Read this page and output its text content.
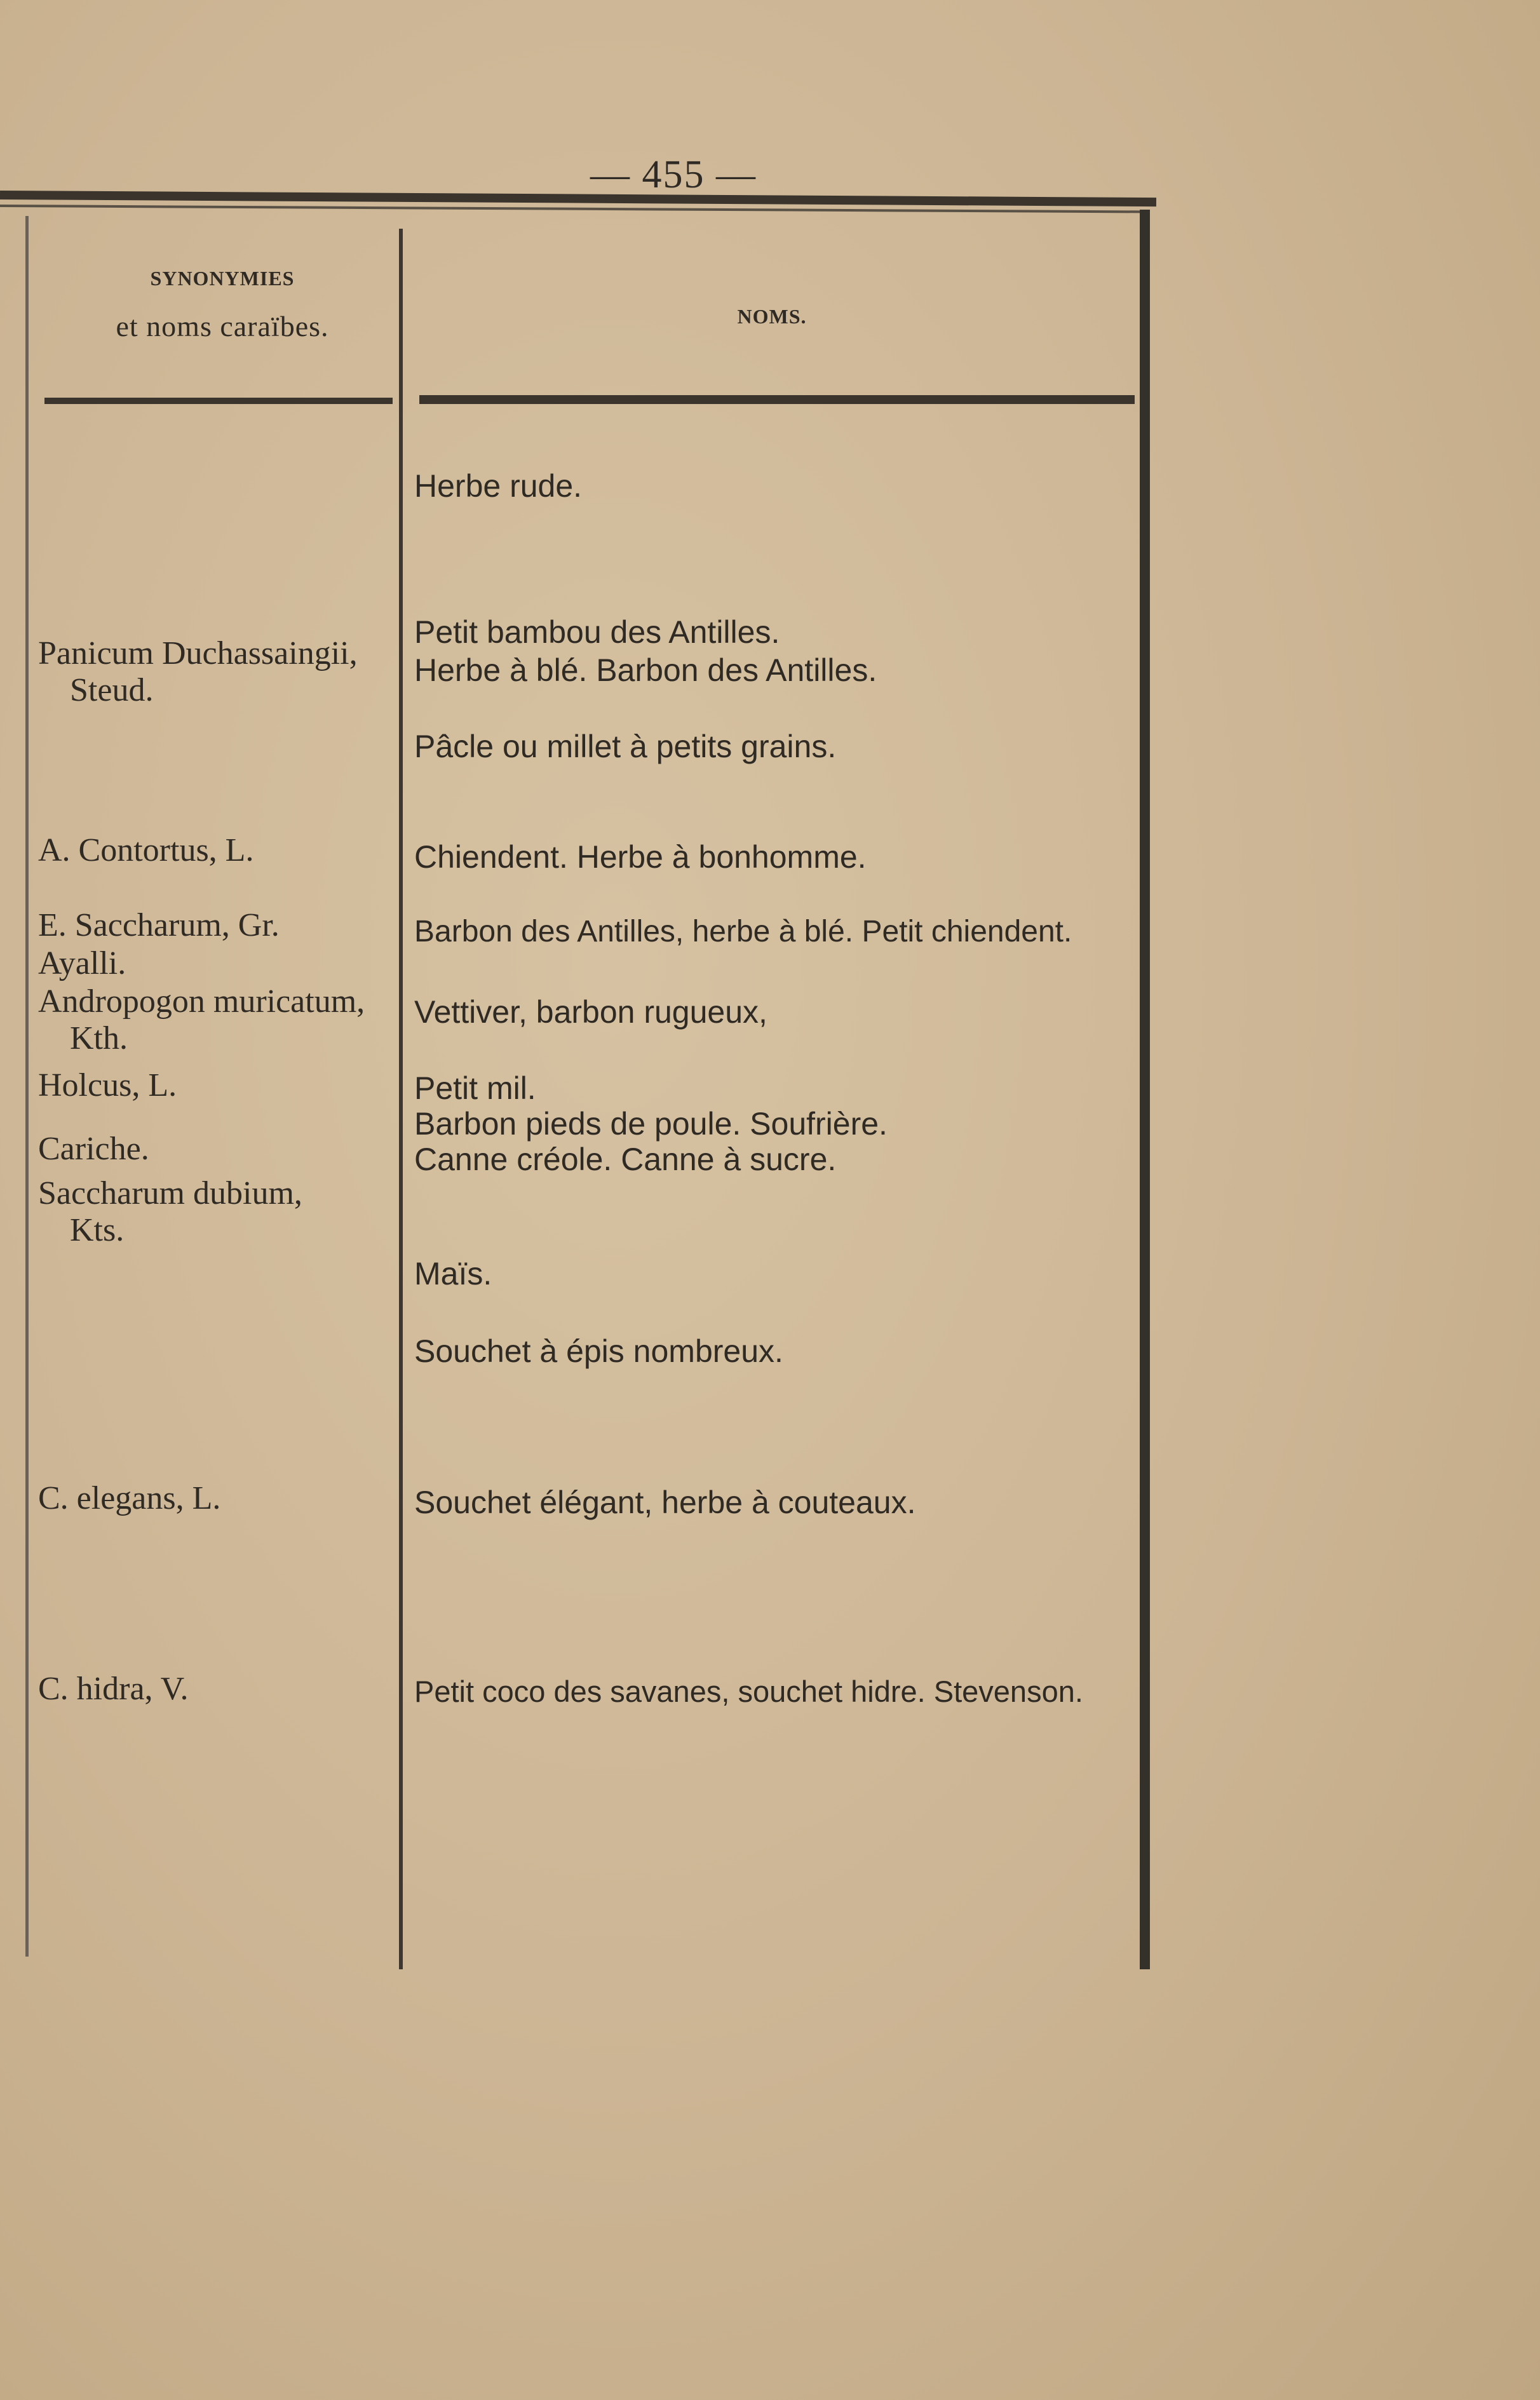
— 455 —
SYNONYMIES
et noms caraïbes.	NOMS.
Panicum Duchassaingii,
Steud.
A. Contortus, L.
E. Saccharum, Gr.
Ayalli.
Andropogon muricatum,
Kth.
Holcus, L.
Cariche.
Saccharum dubium,
Kts.
C. elegans, L.
C. hidra, V.
Herbe rude.
Petit bambou des Antilles.
Herbe à blé. Barbon des Antilles.
Pâcle ou millet à petits grains.
Chiendent. Herbe à bonhomme.
Barbon des Antilles, herbe à blé. Petit chiendent.
Vettiver, barbon rugueux,
Petit mil.
Barbon pieds de poule. Soufrière.
Canne créole. Canne à sucre.
Maïs.
Souchet à épis nombreux.
Souchet élégant, herbe à couteaux.
Petit coco des savanes, souchet hidre. Stevenson.
